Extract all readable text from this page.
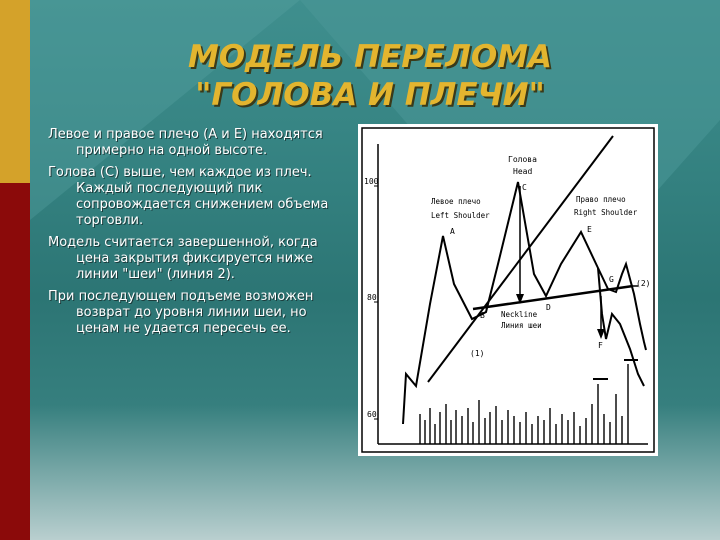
МОДЕЛЬ ПЕРЕЛОМА
"ГОЛОВА И ПЛЕЧИ"

Левое и правое плечо (А и Е) находятся примерно на одной высоте.

Голова (С) выше, чем каждое из плеч. Каждый последующий пик сопровождается снижением объема торговли.

Модель считается завершенной, когда цена закрытия фиксируется ниже линии "шеи" (линия 2).

При последующем подъеме возможен возврат до уровня линии шеи, но ценам не удается пересечь ее.

100
80
60
Голова
Head
Левое плечо
Left Shoulder
Право плечо
Right Shoulder
Neckline
Линия шеи
(1)
(2)
A
B
C
D
E
F
G
